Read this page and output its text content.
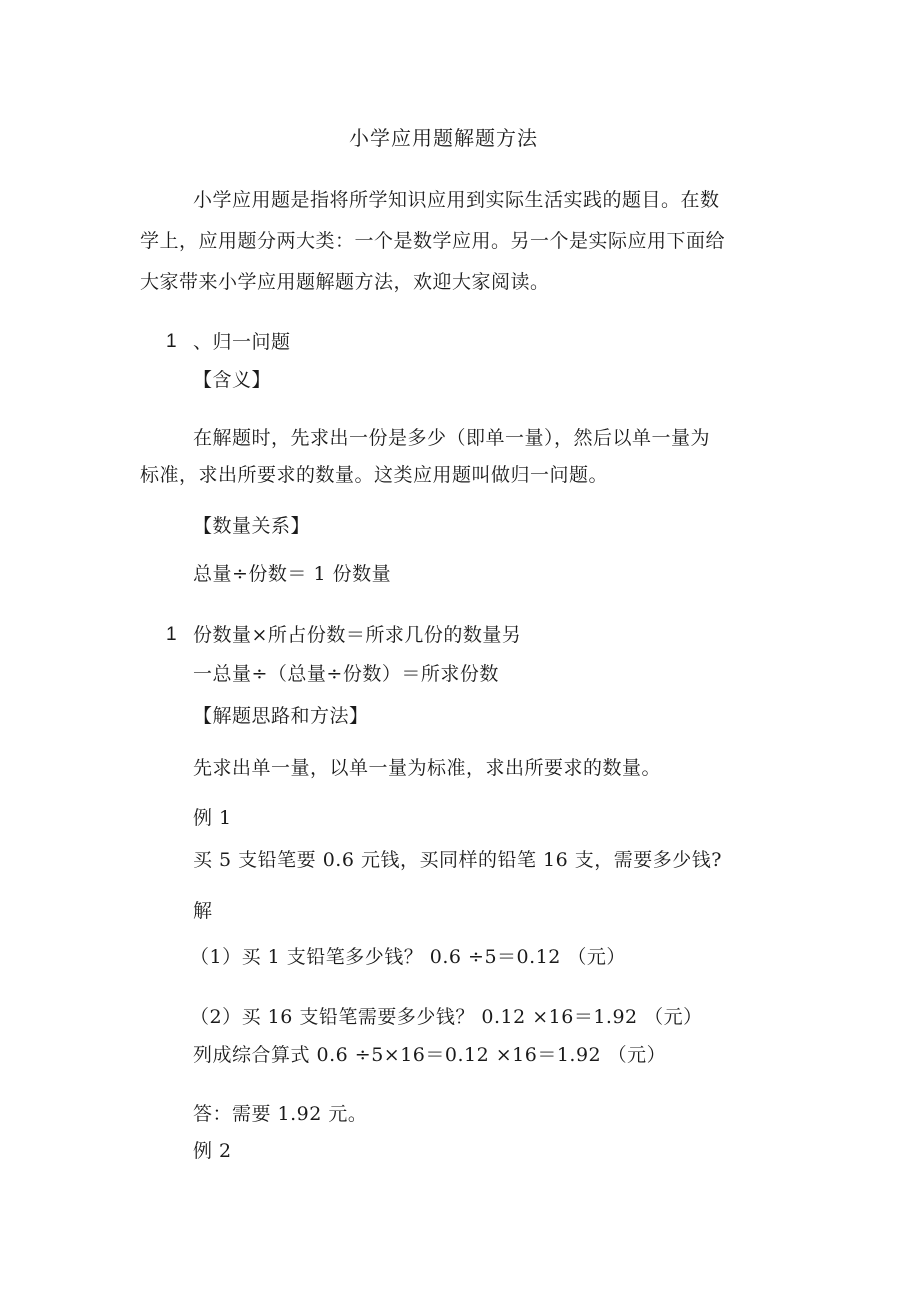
小学应用题解题方法
小学应用题是指将所学知识应用到实际生活实践的题目。在数
学上，应用题分两大类：一个是数学应用。另一个是实际应用下面给
大家带来小学应用题解题方法，欢迎大家阅读。
1 、归一问题
【含义】
在解题时，先求出一份是多少（即单一量），然后以单一量为
标准，求出所要求的数量。这类应用题叫做归一问题。
【数量关系】
总量÷份数＝ 1 份数量
1 份数量×所占份数＝所求几份的数量另
一总量÷（总量÷份数）＝所求份数
【解题思路和方法】
先求出单一量，以单一量为标准，求出所要求的数量。
例 1
买 5 支铅笔要 0.6 元钱，买同样的铅笔 16 支，需要多少钱?
解
（1）买 1 支铅笔多少钱？ 0.6 ÷5＝0.12 （元）
（2）买 16 支铅笔需要多少钱？ 0.12 ×16＝1.92 （元）
列成综合算式 0.6 ÷5×16＝0.12 ×16＝1.92 （元）
答：需要 1.92 元。
例 2
